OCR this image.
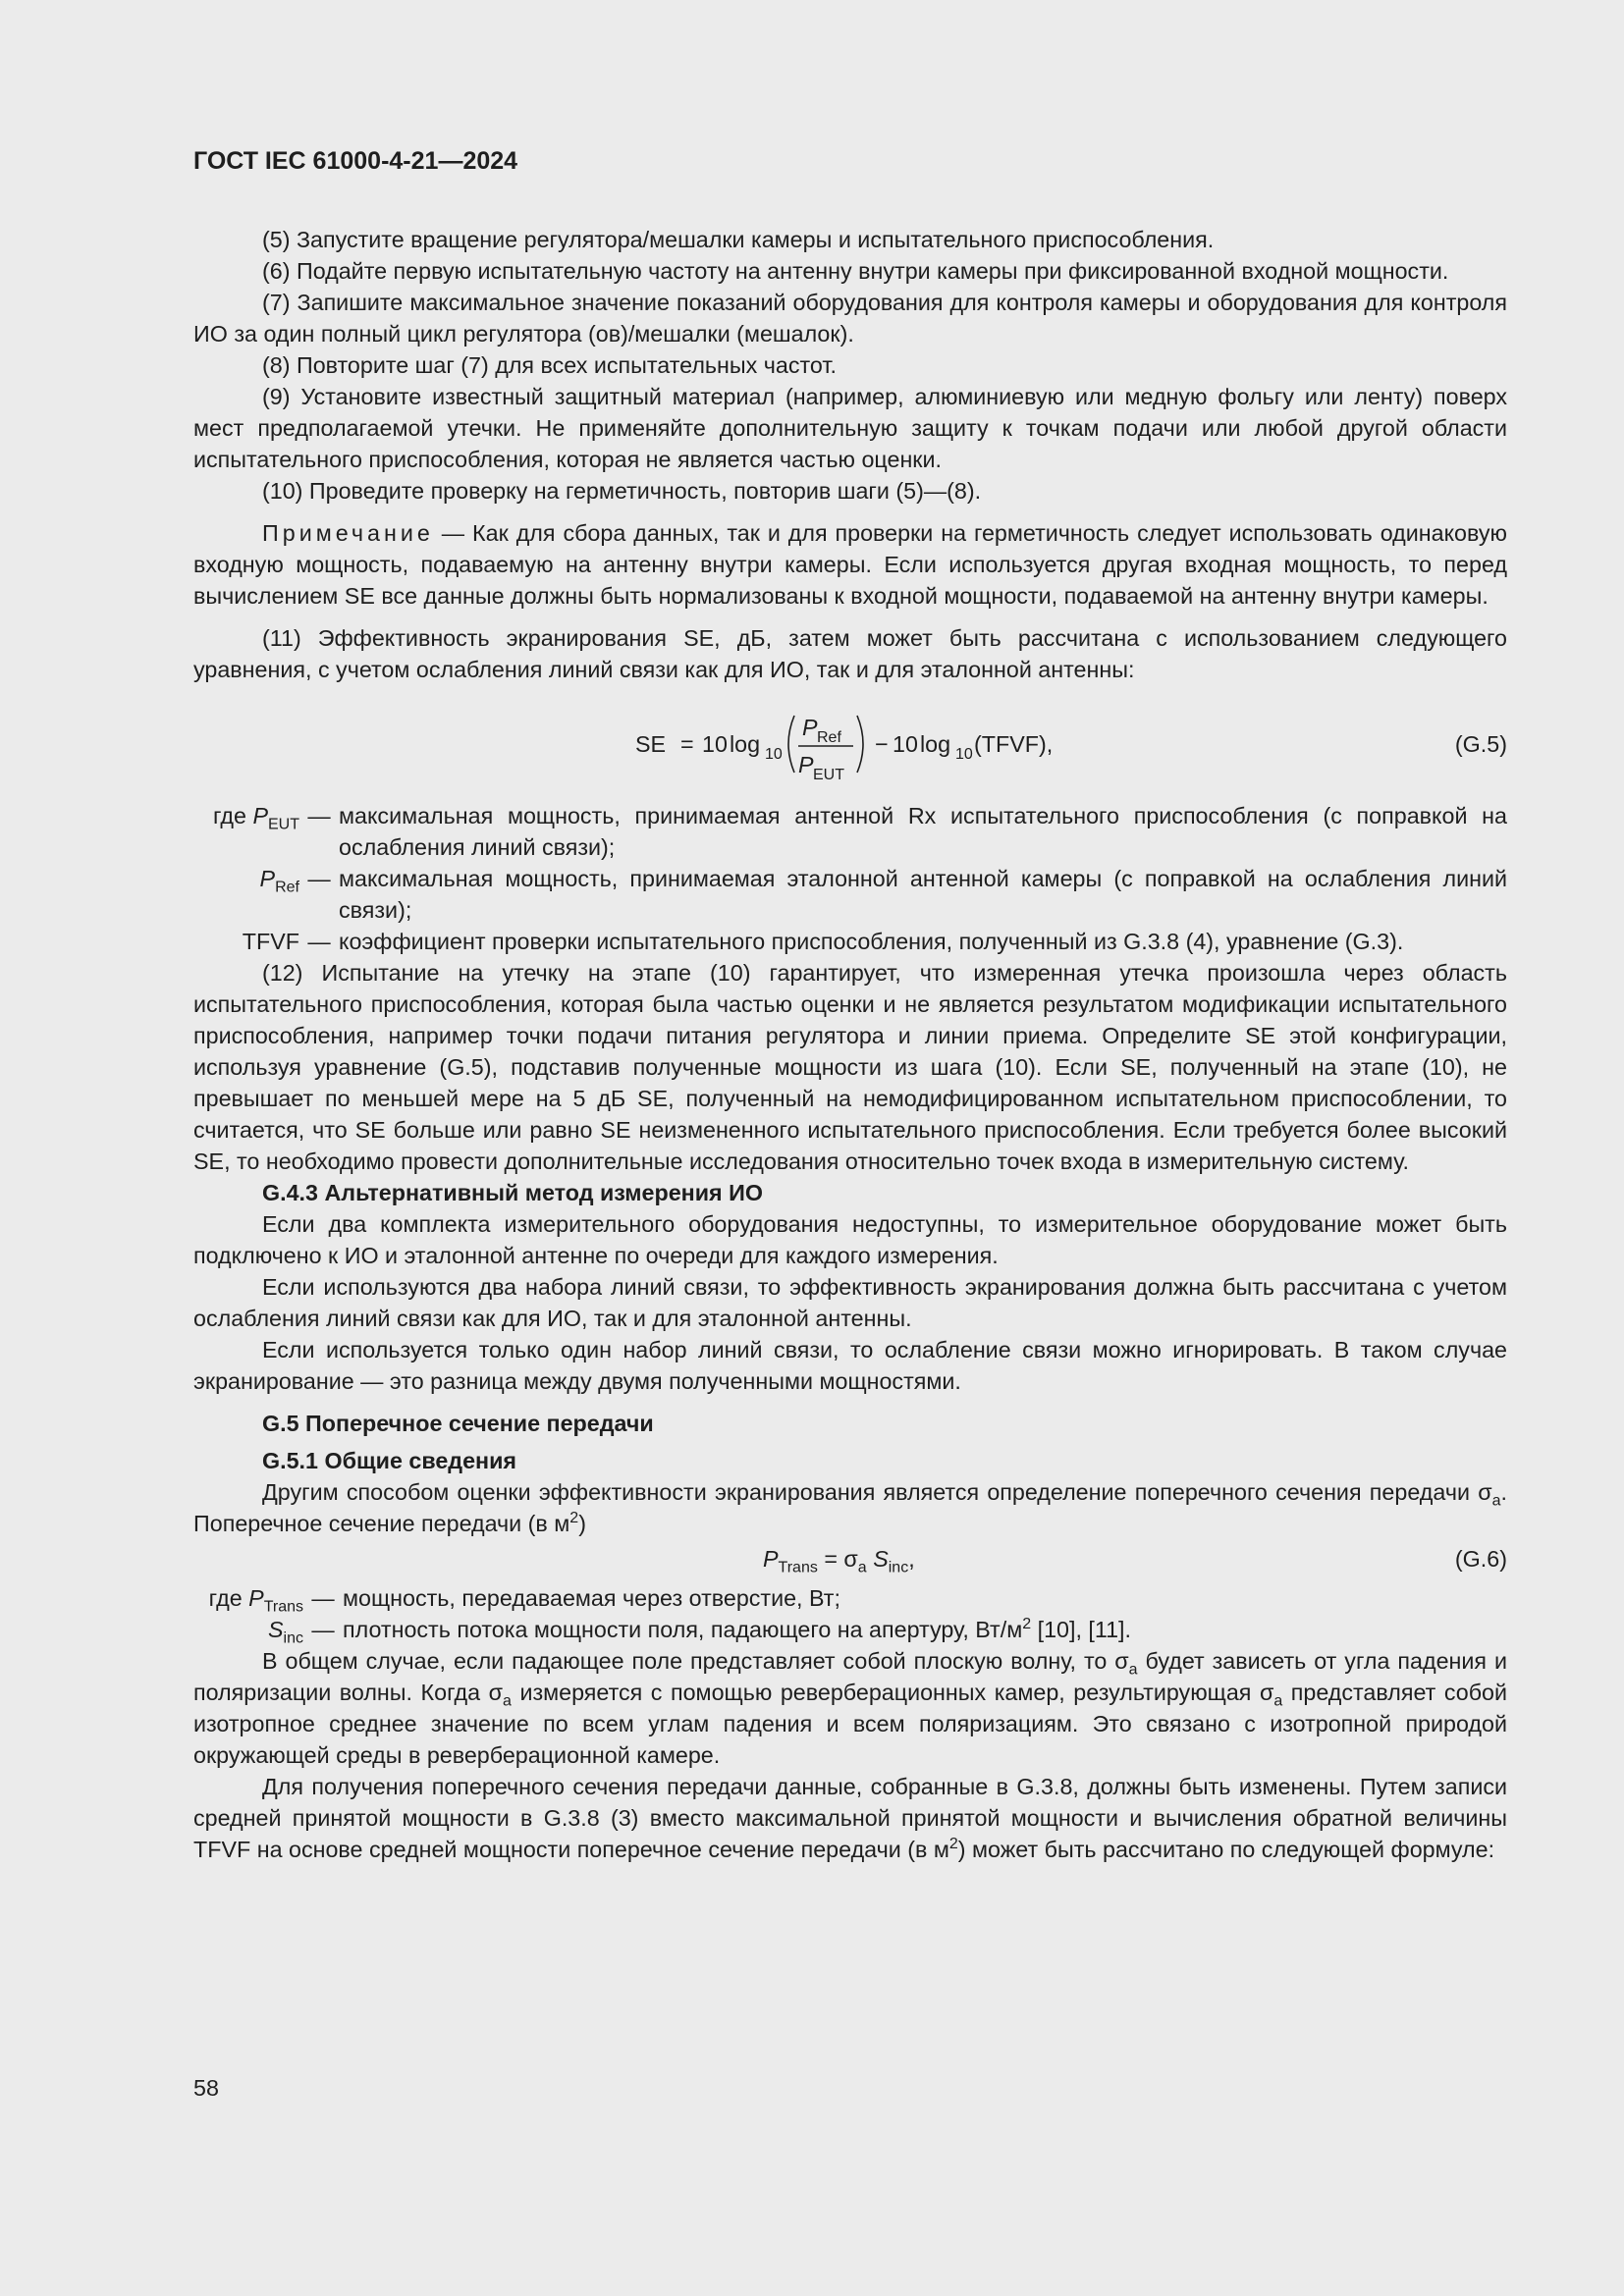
ГОСТ IEC 61000-4-21—2024

(5) Запустите вращение регулятора/мешалки камеры и испытательного приспособления.

(6) Подайте первую испытательную частоту на антенну внутри камеры при фиксированной входной мощности.

(7) Запишите максимальное значение показаний оборудования для контроля камеры и оборудования для контроля ИО за один полный цикл регулятора (ов)/мешалки (мешалок).

(8) Повторите шаг (7) для всех испытательных частот.

(9) Установите известный защитный материал (например, алюминиевую или медную фольгу или ленту) поверх мест предполагаемой утечки. Не применяйте дополнительную защиту к точкам подачи или любой другой области испытательного приспособления, которая не является частью оценки.

(10) Проведите проверку на герметичность, повторив шаги (5)—(8).

Примечание — Как для сбора данных, так и для проверки на герметичность следует использовать одинаковую входную мощность, подаваемую на антенну внутри камеры. Если используется другая входная мощность, то перед вычислением SE все данные должны быть нормализованы к входной мощности, подаваемой на антенну внутри камеры.

(11) Эффективность экранирования SE, дБ, затем может быть рассчитана с использованием следующего уравнения, с учетом ослабления линий связи как для ИО, так и для эталонной антенны:

SE = 10 log 10
P Ref
P EUT
− 10 log 10 (TFVF),	(G.5)
где $P_{EUT}$ — максимальная мощность, принимаемая антенной Rx испытательного приспособления (с поправкой на ослабления линий связи);
$P_{Ref}$ — максимальная мощность, принимаемая эталонной антенной камеры (с поправкой на ослабления линий связи);
TFVF — коэффициент проверки испытательного приспособления, полученный из G.3.8 (4), уравнение (G.3).

(12) Испытание на утечку на этапе (10) гарантирует, что измеренная утечка произошла через область испытательного приспособления, которая была частью оценки и не является результатом модификации испытательного приспособления, например точки подачи питания регулятора и линии приема. Определите SE этой конфигурации, используя уравнение (G.5), подставив полученные мощности из шага (10). Если SE, полученный на этапе (10), не превышает по меньшей мере на 5 дБ SE, полученный на немодифицированном испытательном приспособлении, то считается, что SE больше или равно SE неизмененного испытательного приспособления. Если требуется более высокий SE, то необходимо провести дополнительные исследования относительно точек входа в измерительную систему.

G.4.3 Альтернативный метод измерения ИО

Если два комплекта измерительного оборудования недоступны, то измерительное оборудование может быть подключено к ИО и эталонной антенне по очереди для каждого измерения.

Если используются два набора линий связи, то эффективность экранирования должна быть рассчитана с учетом ослабления линий связи как для ИО, так и для эталонной антенны.

Если используется только один набор линий связи, то ослабление связи можно игнорировать. В таком случае экранирование — это разница между двумя полученными мощностями.

G.5 Поперечное сечение передачи

G.5.1 Общие сведения

Другим способом оценки эффективности экранирования является определение поперечного сечения передачи $\sigma_a$. Поперечное сечение передачи (в $м^2$)

$P_{Trans} = \sigma_a$ $S_{inc}$,	(G.6)
где $P_{Trans}$ — мощность, передаваемая через отверстие, Вт;
$S_{inc}$ — плотность потока мощности поля, падающего на апертуру, $Вт/м^2$ [10], [11].

В общем случае, если падающее поле представляет собой плоскую волну, то $\sigma_a$ будет зависеть от угла падения и поляризации волны. Когда $\sigma_a$ измеряется с помощью реверберационных камер, результирующая $\sigma_a$ представляет собой изотропное среднее значение по всем углам падения и всем поляризациям. Это связано с изотропной природой окружающей среды в реверберационной камере.

Для получения поперечного сечения передачи данные, собранные в G.3.8, должны быть изменены. Путем записи средней принятой мощности в G.3.8 (3) вместо максимальной принятой мощности и вычисления обратной величины TFVF на основе средней мощности поперечное сечение передачи (в $м^2$) может быть рассчитано по следующей формуле:

58
